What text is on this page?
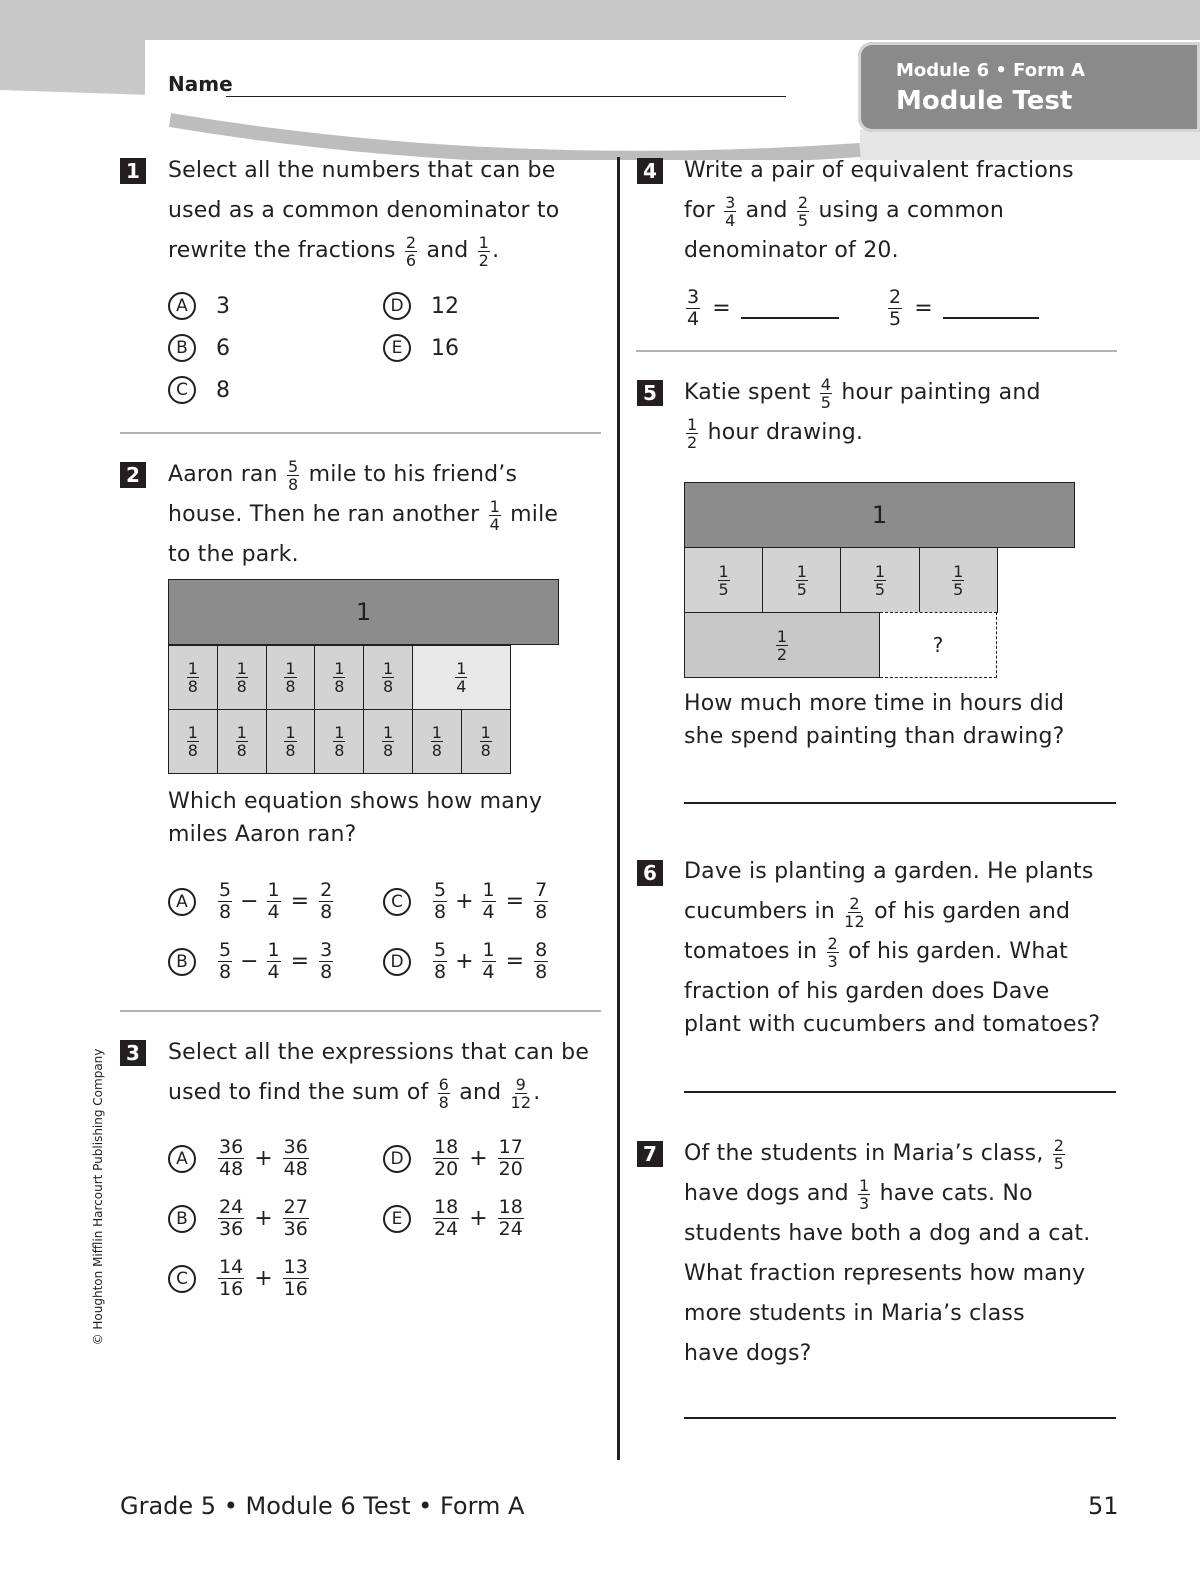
Name
Module 6 • Form A
Module Test
1 Select all the numbers that can be
used as a common denominator to
rewrite the fractions $\frac{2}{6}$ and $\frac{1}{2}$ .
A	3
B	6
C	8
D	12
E	16
2 Aaron ran $\frac{5}{8}$ mile to his friend’s
house. Then he ran another $\frac{1}{4}$ mile
to the park.
1
$\frac{1}{8} \frac{1}{8} \frac{1}{8} \frac{1}{8} \frac{1}{8}$	$\frac{1}{4}$
$\frac{1}{8} \frac{1}{8} \frac{1}{8} \frac{1}{8} \frac{1}{8} \frac{1}{8} \frac{1}{8}$
Which equation shows how many
miles Aaron ran?
A	$\frac{5}{8} - \frac{1}{4} = \frac{2}{8}$
B	$\frac{5}{8} - \frac{1}{4} = \frac{3}{8}$
C	$\frac{5}{8} + \frac{1}{4} = \frac{7}{8}$
D	$\frac{5}{8} + \frac{1}{4} = \frac{8}{8}$
3 Select all the expressions that can be
used to find the sum of $\frac{6}{8}$ and $\frac{9}{12}$ .
A	$\frac{36}{48} + \frac{36}{48}$
B	$\frac{24}{36} + \frac{27}{36}$
C	$\frac{14}{16} + \frac{13}{16}$
D	$\frac{18}{20} + \frac{17}{20}$
E	$\frac{18}{24} + \frac{18}{24}$
© Houghton Mifflin Harcourt Publishing Company
4 Write a pair of equivalent fractions
for $\frac{3}{4}$ and $\frac{2}{5}$ using a common
denominator of 20.
$\frac{3}{4}$ =	$\frac{2}{5}$ =
5 Katie spent $\frac{4}{5}$ hour painting and
$\frac{1}{2}$ hour drawing.
1
$\frac{1}{5}$	$\frac{1}{5}$	$\frac{1}{5}$	$\frac{1}{5}$
$\frac{1}{2}$	?
How much more time in hours did
she spend painting than drawing?
6 Dave is planting a garden. He plants
cucumbers in $\frac{2}{12}$ of his garden and
tomatoes in $\frac{2}{3}$ of his garden. What
fraction of his garden does Dave
plant with cucumbers and tomatoes?
7 Of the students in Maria’s class, $\frac{2}{5}$
have dogs and $\frac{1}{3}$ have cats. No
students have both a dog and a cat.
What fraction represents how many
more students in Maria’s class
have dogs?
Grade 5 • Module 6 Test • Form A	51
